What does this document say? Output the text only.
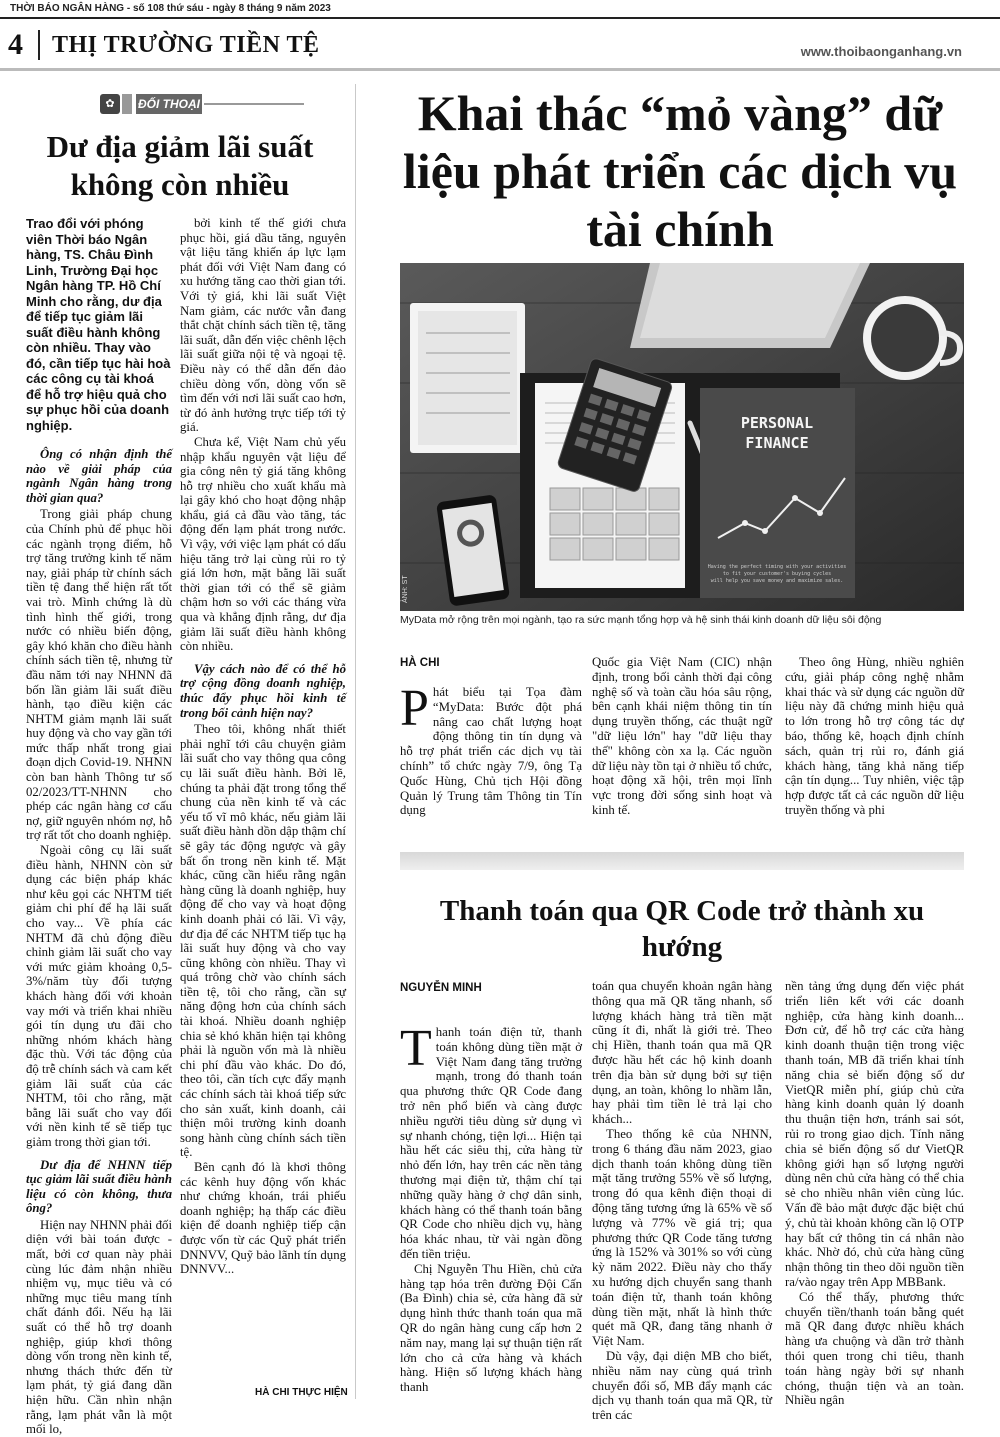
THỜI BÁO NGÂN HÀNG - số 108 thứ sáu - ngày 8 tháng 9 năm 2023
4 THỊ TRƯỜNG TIỀN TỆ	www.thoibaonganhang.vn
✿	ĐỐI THOẠI
Dư địa giảm lãi suất không còn nhiều

Trao đổi với phóng viên Thời báo Ngân hàng, TS. Châu Đình Linh, Trường Đại học Ngân hàng TP. Hồ Chí Minh cho rằng, dư địa để tiếp tục giảm lãi suất điều hành không còn nhiều. Thay vào đó, cần tiếp tục hài hoà các công cụ tài khoá để hỗ trợ hiệu quả cho sự phục hồi của doanh nghiệp.

Ông có nhận định thế nào về giải pháp của ngành Ngân hàng trong thời gian qua?

Trong giải pháp chung của Chính phủ để phục hồi các ngành trọng điểm, hỗ trợ tăng trưởng kinh tế năm nay, giải pháp từ chính sách tiền tệ đang thể hiện rất tốt vai trò. Mình chứng là dù tình hình thế giới, trong nước có nhiều biến động, gây khó khăn cho điều hành chính sách tiền tệ, nhưng từ đầu năm tới nay NHNN đã bốn lần giảm lãi suất điều hành, tạo điều kiện các NHTM giảm mạnh lãi suất huy động và cho vay gần tới mức thấp nhất trong giai đoạn dịch Covid-19. NHNN còn ban hành Thông tư số 02/2023/TT-NHNN cho phép các ngân hàng cơ cấu nợ, giữ nguyên nhóm nợ, hỗ trợ rất tốt cho doanh nghiệp.

Ngoài công cụ lãi suất điều hành, NHNN còn sử dụng các biện pháp khác như kêu gọi các NHTM tiết giảm chi phí để hạ lãi suất cho vay... Về phía các NHTM đã chủ động điều chỉnh giảm lãi suất cho vay với mức giảm khoảng 0,5-3%/năm tùy đối tượng khách hàng đối với khoản vay mới và triển khai nhiều gói tín dụng ưu đãi cho những nhóm khách hàng đặc thù. Với tác động của độ trễ chính sách và cam kết giảm lãi suất của các NHTM, tôi cho rằng, mặt bằng lãi suất cho vay đối với nền kinh tế sẽ tiếp tục giảm trong thời gian tới.

Dư địa để NHNN tiếp tục giảm lãi suất điều hành liệu có còn không, thưa ông?

Hiện nay NHNN phải đối diện với bài toán được - mất, bởi cơ quan này phải cùng lúc đảm nhận nhiều nhiệm vụ, mục tiêu và có những mục tiêu mang tính chất đánh đổi. Nếu hạ lãi suất có thể hỗ trợ doanh nghiệp, giúp khơi thông dòng vốn trong nền kinh tế, nhưng thách thức đến từ lạm phát, tỷ giá đang dần hiện hữu. Cần nhìn nhận rằng, lạm phát vẫn là một mối lo,

bởi kinh tế thế giới chưa phục hồi, giá dầu tăng, nguyên vật liệu tăng khiến áp lực lạm phát đối với Việt Nam đang có xu hướng tăng cao thời gian tới. Với tỷ giá, khi lãi suất Việt Nam giảm, các nước vẫn đang thắt chặt chính sách tiền tệ, tăng lãi suất, dẫn đến việc chênh lệch lãi suất giữa nội tệ và ngoại tệ. Điều này có thể dẫn đến đảo chiều dòng vốn, dòng vốn sẽ tìm đến với nơi lãi suất cao hơn, từ đó ảnh hưởng trực tiếp tới tỷ giá.

Chưa kể, Việt Nam chủ yếu nhập khẩu nguyên vật liệu để gia công nên tỷ giá tăng không hỗ trợ nhiều cho xuất khẩu mà lại gây khó cho hoạt động nhập khẩu, giá cả đầu vào tăng, tác động đến lạm phát trong nước. Vì vậy, với việc lạm phát có dấu hiệu tăng trở lại cùng rủi ro tỷ giá lớn hơn, mặt bằng lãi suất thời gian tới có thể sẽ giảm chậm hơn so với các tháng vừa qua và khẳng định rằng, dư địa giảm lãi suất điều hành không còn nhiều.

Vậy cách nào để có thể hỗ trợ cộng đồng doanh nghiệp, thúc đẩy phục hồi kinh tế trong bối cảnh hiện nay?

Theo tôi, không nhất thiết phải nghĩ tới câu chuyện giảm lãi suất cho vay thông qua công cụ lãi suất điều hành. Bởi lẽ, chúng ta phải đặt trong tổng thể chung của nền kinh tế và các yếu tố vĩ mô khác, nếu giảm lãi suất điều hành dồn dập thậm chí sẽ gây tác động ngược và gây bất ổn trong nền kinh tế. Mặt khác, cũng cần hiểu rằng ngân hàng cũng là doanh nghiệp, huy động để cho vay và hoạt động kinh doanh phải có lãi. Vì vậy, dư địa để các NHTM tiếp tục hạ lãi suất huy động và cho vay cũng không còn nhiều. Thay vì quá trông chờ vào chính sách tiền tệ, tôi cho rằng, cần sự năng động hơn của chính sách tài khoá. Nhiều doanh nghiệp chia sẻ khó khăn hiện tại không phải là nguồn vốn mà là nhiều chi phí đầu vào khác. Do đó, theo tôi, cần tích cực đẩy mạnh các chính sách tài khoá tiếp sức cho sản xuất, kinh doanh, cải thiện môi trường kinh doanh song hành cùng chính sách tiền tệ.

Bên cạnh đó là khơi thông các kênh huy động vốn khác như chứng khoán, trái phiếu doanh nghiệp; hạ thấp các điều kiện để doanh nghiệp tiếp cận được vốn từ các Quỹ phát triển DNNVV, Quỹ bảo lãnh tín dụng DNNVV...

HÀ CHI THỰC HIỆN
Khai thác “mỏ vàng” dữ liệu phát triển các dịch vụ tài chính
PERSONAL
FINANCE
Having the perfect timing with your activities
to fit your customer's buying cycles
will help you save money and maximize sales.
ẢNH: ST
MyData mở rộng trên mọi ngành, tạo ra sức mạnh tổng hợp và hệ sinh thái kinh doanh dữ liệu sôi động
HÀ CHI

Phát biểu tại Tọa đàm “MyData: Bước đột phá nâng cao chất lượng hoạt động thông tin tín dụng và hỗ trợ phát triển các dịch vụ tài chính” tổ chức ngày 7/9, ông Tạ Quốc Hùng, Chủ tịch Hội đồng Quản lý Trung tâm Thông tin Tín dụng

Quốc gia Việt Nam (CIC) nhận định, trong bối cảnh thời đại công nghệ số và toàn cầu hóa sâu rộng, bên cạnh khái niệm thông tin tín dụng truyền thống, các thuật ngữ "dữ liệu lớn" hay "dữ liệu thay thế" không còn xa lạ. Các nguồn dữ liệu này tồn tại ở nhiều tổ chức, hoạt động xã hội, trên mọi lĩnh vực trong đời sống sinh hoạt và kinh tế.

Theo ông Hùng, nhiều nghiên cứu, giải pháp công nghệ nhằm khai thác và sử dụng các nguồn dữ liệu này đã chứng minh hiệu quả to lớn trong hỗ trợ công tác dự báo, thống kê, hoạch định chính sách, quản trị rủi ro, đánh giá khách hàng, tăng khả năng tiếp cận tín dụng... Tuy nhiên, việc tập hợp được tất cả các nguồn dữ liệu truyền thống và phi

Thanh toán qua QR Code trở thành xu hướng
NGUYỄN MINH

Thanh toán điện tử, thanh toán không dùng tiền mặt ở Việt Nam đang tăng trưởng mạnh, trong đó thanh toán qua phương thức QR Code đang trở nên phổ biến và càng được nhiều người tiêu dùng sử dụng vì sự nhanh chóng, tiện lợi... Hiện tại hầu hết các siêu thị, cửa hàng từ nhỏ đến lớn, hay trên các nền tảng thương mại điện tử, thậm chí tại những quầy hàng ở chợ dân sinh, khách hàng có thể thanh toán bằng QR Code cho nhiều dịch vụ, hàng hóa khác nhau, từ vài ngàn đồng đến tiền triệu.

Chị Nguyễn Thu Hiền, chủ cửa hàng tạp hóa trên đường Đội Cấn (Ba Đình) chia sẻ, cửa hàng đã sử dụng hình thức thanh toán qua mã QR do ngân hàng cung cấp hơn 2 năm nay, mang lại sự thuận tiện rất lớn cho cả cửa hàng và khách hàng. Hiện số lượng khách hàng thanh

toán qua chuyển khoản ngân hàng thông qua mã QR tăng nhanh, số lượng khách hàng trả tiền mặt cũng ít đi, nhất là giới trẻ. Theo chị Hiền, thanh toán qua mã QR được hầu hết các hộ kinh doanh trên địa bàn sử dụng bởi sự tiện dụng, an toàn, không lo nhầm lẫn, hay phải tìm tiền lẻ trả lại cho khách...

Theo thống kê của NHNN, trong 6 tháng đầu năm 2023, giao dịch thanh toán không dùng tiền mặt tăng trưởng 55% về số lượng, trong đó qua kênh điện thoại di động tăng tương ứng là 65% về số lượng và 77% về giá trị; qua phương thức QR Code tăng tương ứng là 152% và 301% so với cùng kỳ năm 2022. Điều này cho thấy xu hướng dịch chuyển sang thanh toán điện tử, thanh toán không dùng tiền mặt, nhất là hình thức quét mã QR, đang tăng nhanh ở Việt Nam.

Dù vậy, đại diện MB cho biết, nhiều năm nay cùng quá trình chuyển đổi số, MB đẩy mạnh các dịch vụ thanh toán qua mã QR, từ trên các

nền tảng ứng dụng đến việc phát triển liên kết với các doanh nghiệp, cửa hàng kinh doanh... Đơn cử, để hỗ trợ các cửa hàng kinh doanh thuận tiện trong việc thanh toán, MB đã triển khai tính năng chia sẻ biến động số dư VietQR miễn phí, giúp chủ cửa hàng kinh doanh quản lý doanh thu thuận tiện hơn, tránh sai sót, rủi ro trong giao dịch. Tính năng chia sẻ biến động số dư VietQR không giới hạn số lượng người dùng nên chủ cửa hàng có thể chia sẻ cho nhiều nhân viên cùng lúc. Vấn đề bảo mật được đặc biệt chú ý, chủ tài khoản không cần lộ OTP hay bất cứ thông tin cá nhân nào khác. Nhờ đó, chủ cửa hàng cũng nhận thông tin theo dõi nguồn tiền ra/vào ngay trên App MBBank.

Có thể thấy, phương thức chuyển tiền/thanh toán bằng quét mã QR đang được nhiều khách hàng ưa chuộng và dần trở thành thói quen trong chi tiêu, thanh toán hàng ngày bởi sự nhanh chóng, thuận tiện và an toàn. Nhiều ngân
